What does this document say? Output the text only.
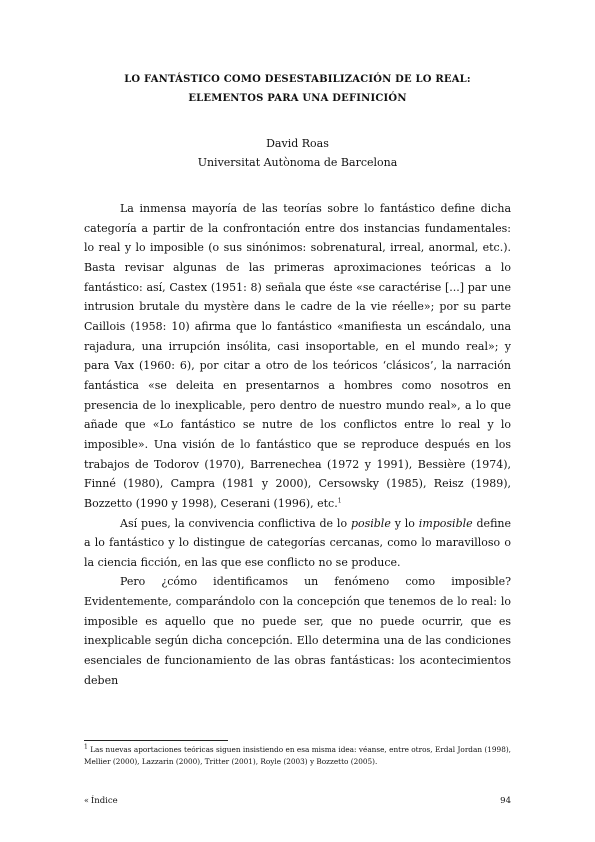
LO FANTÁSTICO COMO DESESTABILIZACIÓN DE LO REAL:
ELEMENTOS PARA UNA DEFINICIÓN
David Roas
Universitat Autònoma de Barcelona

La inmensa mayoría de las teorías sobre lo fantástico define dicha categoría a partir de la confrontación entre dos instancias fundamentales: lo real y lo imposible (o sus sinónimos: sobrenatural, irreal, anormal, etc.). Basta revisar algunas de las primeras aproximaciones teóricas a lo fantástico: así, Castex (1951: 8) señala que éste «se caractérise [...] par une intrusion brutale du mystère dans le cadre de la vie réelle»; por su parte Caillois (1958: 10) afirma que lo fantástico «manifiesta un escándalo, una rajadura, una irrupción insólita, casi insoportable, en el mundo real»; y para Vax (1960: 6), por citar a otro de los teóricos ‘clásicos’, la narración fantástica «se deleita en presentarnos a hombres como nosotros en presencia de lo inexplicable, pero dentro de nuestro mundo real», a lo que añade que «Lo fantástico se nutre de los conflictos entre lo real y lo imposible». Una visión de lo fantástico que se reproduce después en los trabajos de Todorov (1970), Barrenechea (1972 y 1991), Bessière (1974), Finné (1980), Campra (1981 y 2000), Cersowsky (1985), Reisz (1989), Bozzetto (1990 y 1998), Ceserani (1996), etc.$^1$

Así pues, la convivencia conflictiva de lo posible y lo imposible define a lo fantástico y lo distingue de categorías cercanas, como lo maravilloso o la ciencia ficción, en las que ese conflicto no se produce.

Pero ¿cómo identificamos un fenómeno como imposible? Evidentemente, comparándolo con la concepción que tenemos de lo real: lo imposible es aquello que no puede ser, que no puede ocurrir, que es inexplicable según dicha concepción. Ello determina una de las condiciones esenciales de funcionamiento de las obras fantásticas: los acontecimientos deben

$^1$ Las nuevas aportaciones teóricas siguen insistiendo en esa misma idea: véanse, entre otros, Erdal Jordan (1998), Mellier (2000), Lazzarin (2000), Tritter (2001), Royle (2003) y Bozzetto (2005).
« Índice	94
